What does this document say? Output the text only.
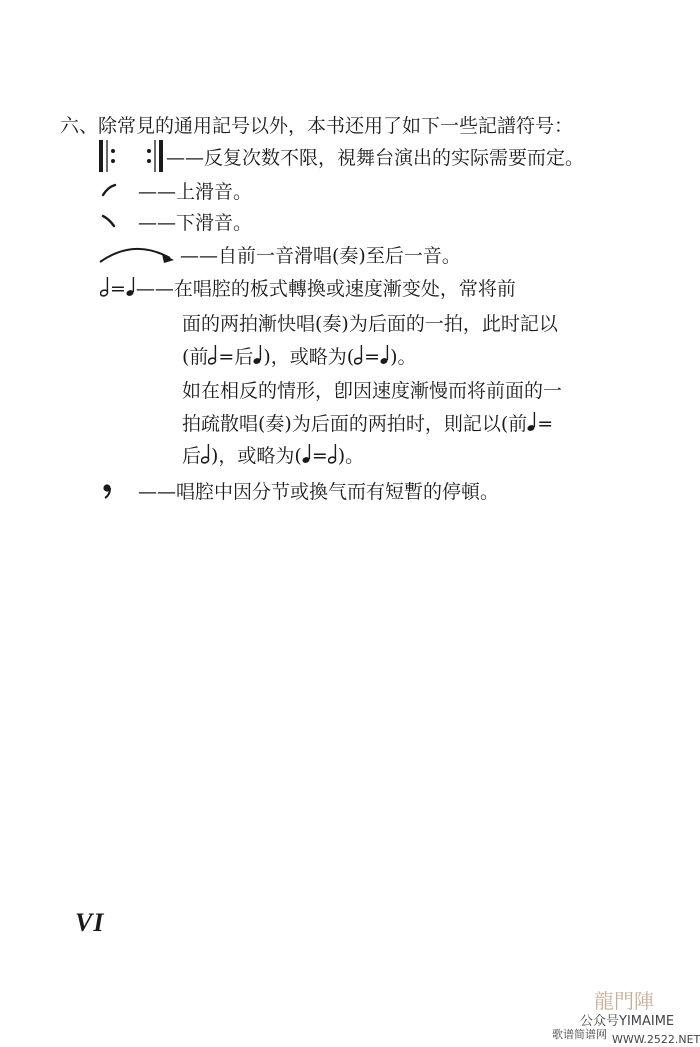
六、除常見的通用記号以外，本书还用了如下一些記譜符号：
——反复次数不限，視舞台演出的实际需要而定。
——上滑音。
——下滑音。
——自前一音滑唱(奏)至后一音。
= ——在唱腔的板式轉換或速度漸变处，常将前
面的两拍漸快唱(奏)为后面的一拍，此时記以
(前 =后 )，或略为( = )。
如在相反的情形，卽因速度漸慢而将前面的一
拍疏散唱(奏)为后面的两拍时，則記以(前 =
后 )，或略为( = )。
——唱腔中因分节或換气而有短暫的停頓。
VI
龍門陣
公众号YIMAIME
歌谱简谱网 WWW.2522.NET
